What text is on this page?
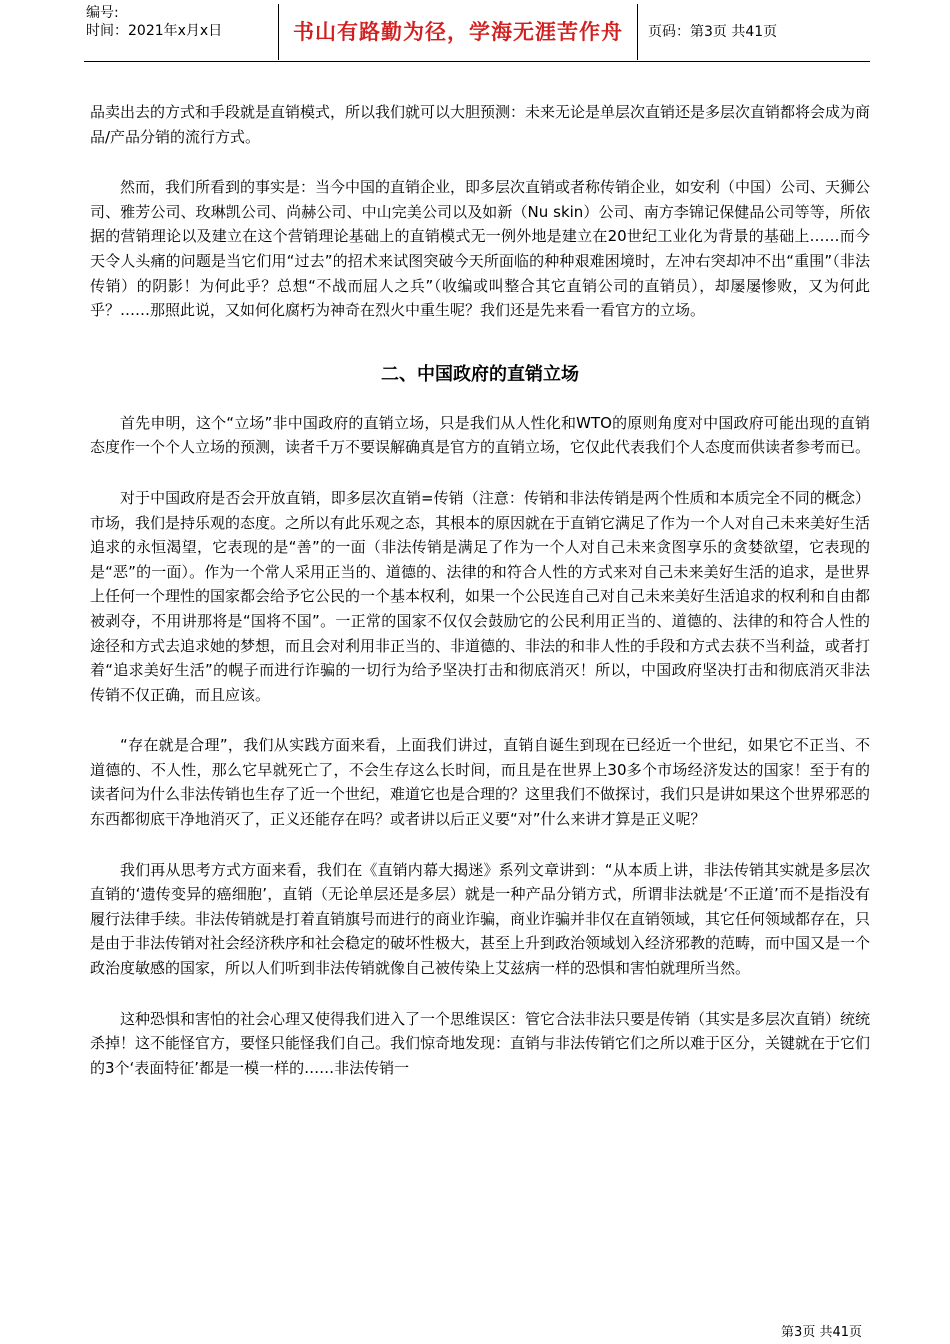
编号:
时间：2021年x月x日	书山有路勤为径，学海无涯苦作舟	页码：第3页 共41页

品卖出去的方式和手段就是直销模式，所以我们就可以大胆预测：未来无论是单层次直销还是多层次直销都将会成为商品/产品分销的流行方式。

然而，我们所看到的事实是：当今中国的直销企业，即多层次直销或者称传销企业，如安利（中国）公司、天狮公司、雅芳公司、玫琳凯公司、尚赫公司、中山完美公司以及如新（Nu skin）公司、南方李锦记保健品公司等等，所依据的营销理论以及建立在这个营销理论基础上的直销模式无一例外地是建立在20世纪工业化为背景的基础上……而今天令人头痛的问题是当它们用“过去”的招术来试图突破今天所面临的种种艰难困境时，左冲右突却冲不出“重围”（非法传销）的阴影！为何此乎？总想“不战而屈人之兵”（收编或叫整合其它直销公司的直销员），却屡屡惨败，又为何此乎？……那照此说，又如何化腐朽为神奇在烈火中重生呢？我们还是先来看一看官方的立场。

二、中国政府的直销立场

首先申明，这个“立场”非中国政府的直销立场，只是我们从人性化和WTO的原则角度对中国政府可能出现的直销态度作一个个人立场的预测，读者千万不要误解确真是官方的直销立场，它仅此代表我们个人态度而供读者参考而已。

对于中国政府是否会开放直销，即多层次直销=传销（注意：传销和非法传销是两个性质和本质完全不同的概念）市场，我们是持乐观的态度。之所以有此乐观之态，其根本的原因就在于直销它满足了作为一个人对自己未来美好生活追求的永恒渴望，它表现的是“善”的一面（非法传销是满足了作为一个人对自己未来贪图享乐的贪婪欲望，它表现的是“恶”的一面）。作为一个常人采用正当的、道德的、法律的和符合人性的方式来对自己未来美好生活的追求，是世界上任何一个理性的国家都会给予它公民的一个基本权利，如果一个公民连自己对自己未来美好生活追求的权利和自由都被剥夺，不用讲那将是“国将不国”。一正常的国家不仅仅会鼓励它的公民利用正当的、道德的、法律的和符合人性的途径和方式去追求她的梦想，而且会对利用非正当的、非道德的、非法的和非人性的手段和方式去获不当利益，或者打着“追求美好生活”的幌子而进行诈骗的一切行为给予坚决打击和彻底消灭！所以，中国政府坚决打击和彻底消灭非法传销不仅正确，而且应该。

“存在就是合理”，我们从实践方面来看，上面我们讲过，直销自诞生到现在已经近一个世纪，如果它不正当、不道德的、不人性，那么它早就死亡了，不会生存这么长时间，而且是在世界上30多个市场经济发达的国家！至于有的读者问为什么非法传销也生存了近一个世纪，难道它也是合理的？这里我们不做探讨，我们只是讲如果这个世界邪恶的东西都彻底干净地消灭了，正义还能存在吗？或者讲以后正义要“对”什么来讲才算是正义呢？

我们再从思考方式方面来看，我们在《直销内幕大揭迷》系列文章讲到：“从本质上讲，非法传销其实就是多层次直销的‘遗传变异的癌细胞’，直销（无论单层还是多层）就是一种产品分销方式，所谓非法就是‘不正道’而不是指没有履行法律手续。非法传销就是打着直销旗号而进行的商业诈骗，商业诈骗并非仅在直销领域，其它任何领域都存在，只是由于非法传销对社会经济秩序和社会稳定的破坏性极大，甚至上升到政治领域划入经济邪教的范畴，而中国又是一个政治度敏感的国家，所以人们听到非法传销就像自己被传染上艾兹病一样的恐惧和害怕就理所当然。

这种恐惧和害怕的社会心理又使得我们进入了一个思维误区：管它合法非法只要是传销（其实是多层次直销）统统杀掉！这不能怪官方，要怪只能怪我们自己。我们惊奇地发现：直销与非法传销它们之所以难于区分，关键就在于它们的3个‘表面特征’都是一模一样的……非法传销一

第3页 共41页
